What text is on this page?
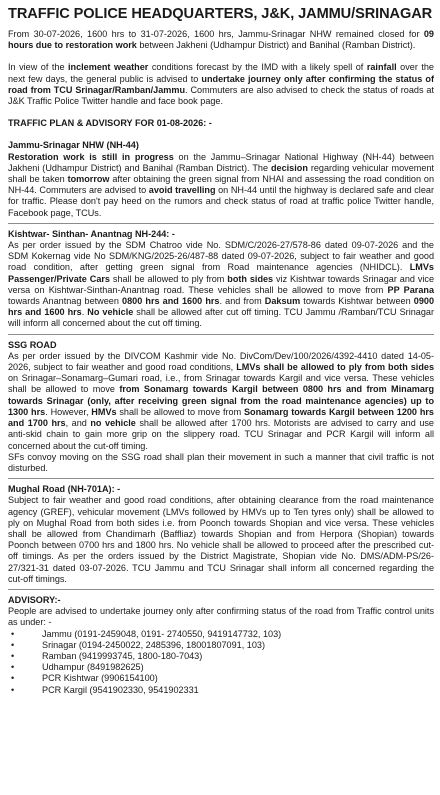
TRAFFIC POLICE HEADQUARTERS, J&K, JAMMU/SRINAGAR

From 30-07-2026, 1600 hrs to 31-07-2026, 1600 hrs, Jammu-Srinagar NHW remained closed for 09 hours due to restoration work between Jakheni (Udhampur District) and Banihal (Ramban District).

In view of the inclement weather conditions forecast by the IMD with a likely spell of rainfall over the next few days, the general public is advised to undertake journey only after confirming the status of road from TCU Srinagar/Ramban/Jammu. Commuters are also advised to check the status of roads at J&K Traffic Police Twitter handle and face book page.

TRAFFIC PLAN & ADVISORY FOR 01-08-2026: -
Jammu-Srinagar NHW (NH-44)

Restoration work is still in progress on the Jammu–Srinagar National Highway (NH-44) between Jakheni (Udhampur District) and Banihal (Ramban District). The decision regarding vehicular movement shall be taken tomorrow after obtaining the green signal from NHAI and assessing the road condition on NH-44. Commuters are advised to avoid travelling on NH-44 until the highway is declared safe and clear for traffic. Please don't pay heed on the rumors and check status of road at traffic police Twitter handle, Facebook page, TCUs.

Kishtwar- Sinthan- Anantnag NH-244: -

As per order issued by the SDM Chatroo vide No. SDM/C/2026-27/578-86 dated 09-07-2026 and the SDM Kokernag vide No SDM/KNG/2025-26/487-88 dated 09-07-2026, subject to fair weather and good road condition, after getting green signal from Road maintenance agencies (NHIDCL). LMVs Passenger/Private Cars shall be allowed to ply from both sides viz Kishtwar towards Srinagar and vice versa on Kishtwar-Sinthan-Anantnag road. These vehicles shall be allowed to move from PP Parana towards Anantnag between 0800 hrs and 1600 hrs. and from Daksum towards Kishtwar between 0900 hrs and 1600 hrs. No vehicle shall be allowed after cut off timing. TCU Jammu /Ramban/TCU Srinagar will inform all concerned about the cut off timing.

SSG ROAD

As per order issued by the DIVCOM Kashmir vide No. DivCom/Dev/100/2026/4392-4410 dated 14-05-2026, subject to fair weather and good road conditions, LMVs shall be allowed to ply from both sides on Srinagar–Sonamarg–Gumari road, i.e., from Srinagar towards Kargil and vice versa. These vehicles shall be allowed to move from Sonamarg towards Kargil between 0800 hrs and from Minamarg towards Srinagar (only, after receiving green signal from the road maintenance agencies) up to 1300 hrs. However, HMVs shall be allowed to move from Sonamarg towards Kargil between 1200 hrs and 1700 hrs, and no vehicle shall be allowed after 1700 hrs. Motorists are advised to carry and use anti-skid chain to gain more grip on the slippery road. TCU Srinagar and PCR Kargil will inform all concerned about the cut-off timing.

SFs convoy moving on the SSG road shall plan their movement in such a manner that civil traffic is not disturbed.

Mughal Road (NH-701A): -

Subject to fair weather and good road conditions, after obtaining clearance from the road maintenance agency (GREF), vehicular movement (LMVs followed by HMVs up to Ten tyres only) shall be allowed to ply on Mughal Road from both sides i.e. from Poonch towards Shopian and vice versa. These vehicles shall be allowed from Chandimarh (Baffliaz) towards Shopian and from Herpora (Shopian) towards Poonch between 0700 hrs and 1800 hrs. No vehicle shall be allowed to proceed after the prescribed cut-off timings. As per the orders issued by the District Magistrate, Shopian vide No. DMS/ADM-PS/26-27/321-31 dated 03-07-2026. TCU Jammu and TCU Srinagar shall inform all concerned regarding the cut-off timings.

ADVISORY:-

People are advised to undertake journey only after confirming status of the road from Traffic control units as under: -

•	Jammu (0191-2459048, 0191- 2740550, 9419147732, 103)
•	Srinagar (0194-2450022, 2485396, 18001807091, 103)
•	Ramban (9419993745, 1800-180-7043)
•	Udhampur (8491982625)
•	PCR Kishtwar (9906154100)
•	PCR Kargil (9541902330, 9541902331
